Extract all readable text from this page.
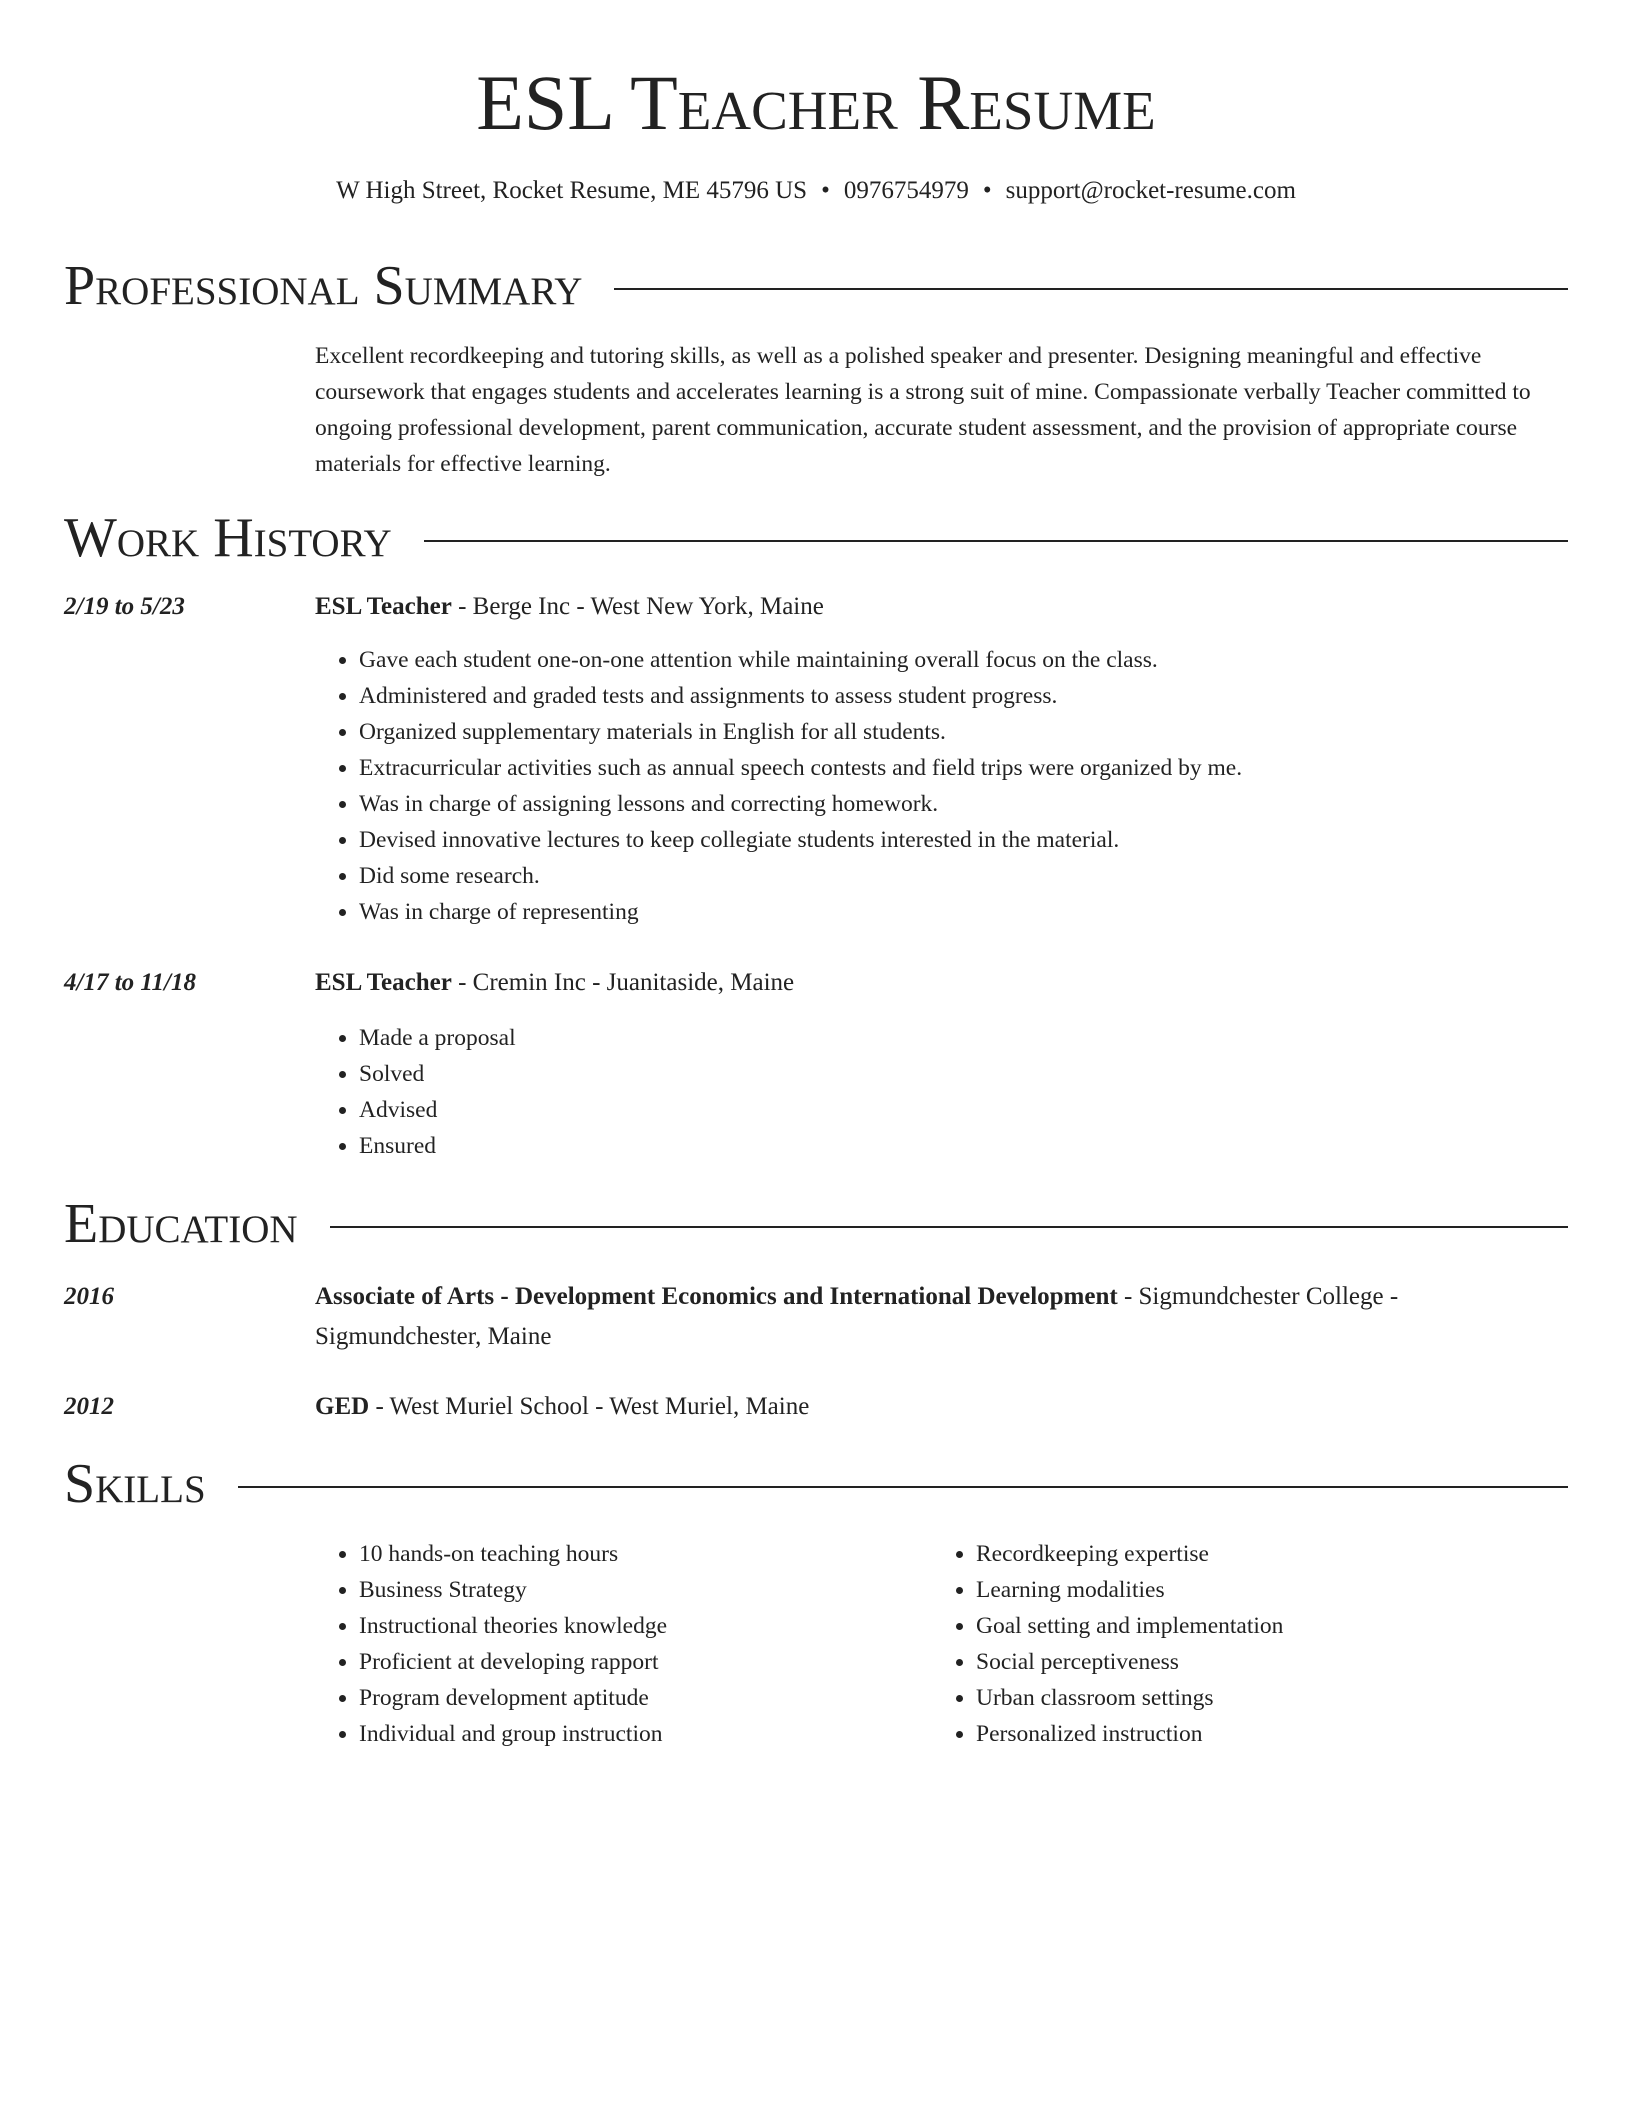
ESL Teacher Resume
W High Street, Rocket Resume, ME 45796 US • 0976754979 • support@rocket-resume.com
Professional Summary
Excellent recordkeeping and tutoring skills, as well as a polished speaker and presenter. Designing meaningful and effective coursework that engages students and accelerates learning is a strong suit of mine. Compassionate verbally Teacher committed to ongoing professional development, parent communication, accurate student assessment, and the provision of appropriate course materials for effective learning.
Work History
2/19 to 5/23	ESL Teacher - Berge Inc - West New York, Maine
• Gave each student one-on-one attention while maintaining overall focus on the class.
• Administered and graded tests and assignments to assess student progress.
• Organized supplementary materials in English for all students.
• Extracurricular activities such as annual speech contests and field trips were organized by me.
• Was in charge of assigning lessons and correcting homework.
• Devised innovative lectures to keep collegiate students interested in the material.
• Did some research.
• Was in charge of representing
4/17 to 11/18	ESL Teacher - Cremin Inc - Juanitaside, Maine
• Made a proposal
• Solved
• Advised
• Ensured
Education
2016	Associate of Arts - Development Economics and International Development - Sigmundchester College - Sigmundchester, Maine
2012	GED - West Muriel School - West Muriel, Maine
Skills
• 10 hands-on teaching hours
• Business Strategy
• Instructional theories knowledge
• Proficient at developing rapport
• Program development aptitude
• Individual and group instruction
• Recordkeeping expertise
• Learning modalities
• Goal setting and implementation
• Social perceptiveness
• Urban classroom settings
• Personalized instruction
